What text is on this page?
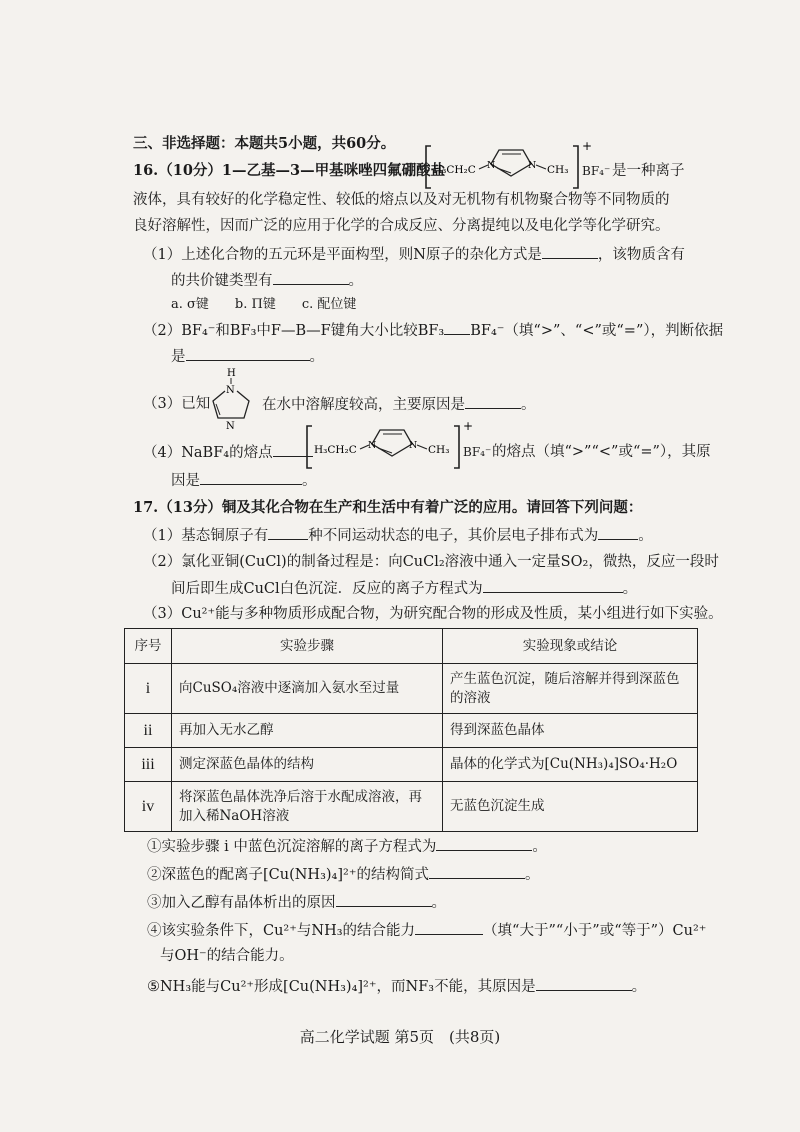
三、非选择题：本题共5小题，共60分。
16.（10分）1—乙基—3—甲基咪唑四氟硼酸盐
H₃CH₂C N	N CH₃
+
BF₄⁻ 是一种离子
液体，具有较好的化学稳定性、较低的熔点以及对无机物有机物聚合物等不同物质的
良好溶解性，因而广泛的应用于化学的合成反应、分离提纯以及电化学等化学研究。
（1）上述化合物的五元环是平面构型，则N原子的杂化方式是	，该物质含有
的共价键类型有	。
a. σ键　　b. Π键　　c. 配位键
（2）BF₄⁻和BF₃中F—B—F键角大小比较BF₃ BF₄⁻（填“>”、“<”或“=”），判断依据
是	。
（3）已知
H
N
N
在水中溶解度较高，主要原因是	。
（4）NaBF₄的熔点	H₃CH₂C N	N CH₃
+
BF₄⁻ 的熔点（填“>”“<”或“=”），其原
因是	。
17.（13分）铜及其化合物在生产和生活中有着广泛的应用。请回答下列问题：
（1）基态铜原子有	种不同运动状态的电子，其价层电子排布式为	。
（2）氯化亚铜(CuCl)的制备过程是：向CuCl₂溶液中通入一定量SO₂，微热，反应一段时
间后即生成CuCl白色沉淀．反应的离子方程式为	。
（3）Cu²⁺能与多种物质形成配合物，为研究配合物的形成及性质，某小组进行如下实验。
序号	实验步骤	实验现象或结论
i	向CuSO₄溶液中逐滴加入氨水至过量	产生蓝色沉淀，随后溶解并得到深蓝色的溶液
ii	再加入无水乙醇	得到深蓝色晶体
iii	测定深蓝色晶体的结构	晶体的化学式为[Cu(NH₃)₄]SO₄·H₂O
iv	将深蓝色晶体洗净后溶于水配成溶液，再加入稀NaOH溶液	无蓝色沉淀生成
①实验步骤 i 中蓝色沉淀溶解的离子方程式为	。
②深蓝色的配离子[Cu(NH₃)₄]²⁺的结构简式	。
③加入乙醇有晶体析出的原因	。
④该实验条件下，Cu²⁺与NH₃的结合能力	（填“大于”“小于”或“等于”）Cu²⁺
与OH⁻的结合能力。
⑤NH₃能与Cu²⁺形成[Cu(NH₃)₄]²⁺，而NF₃不能，其原因是	。
高二化学试题 第5页　(共8页)
